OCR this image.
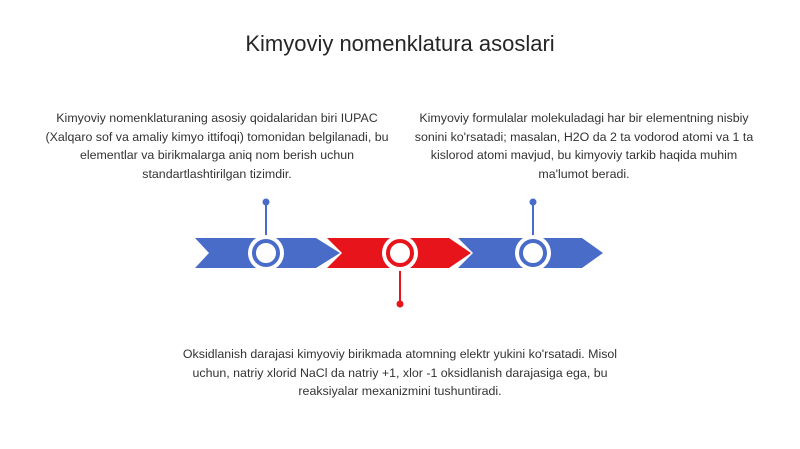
Kimyoviy nomenklatura asoslari
Kimyoviy nomenklaturaning asosiy qoidalaridan biri IUPAC (Xalqaro sof va amaliy kimyo ittifoqi) tomonidan belgilanadi, bu elementlar va birikmalarga aniq nom berish uchun standartlashtirilgan tizimdir.
Kimyoviy formulalar molekuladagi har bir elementning nisbiy sonini ko'rsatadi; masalan, H2O da 2 ta vodorod atomi va 1 ta kislorod atomi mavjud, bu kimyoviy tarkib haqida muhim ma'lumot beradi.
Oksidlanish darajasi kimyoviy birikmada atomning elektr yukini ko'rsatadi. Misol uchun, natriy xlorid NaCl da natriy +1, xlor -1 oksidlanish darajasiga ega, bu reaksiyalar mexanizmini tushuntiradi.
